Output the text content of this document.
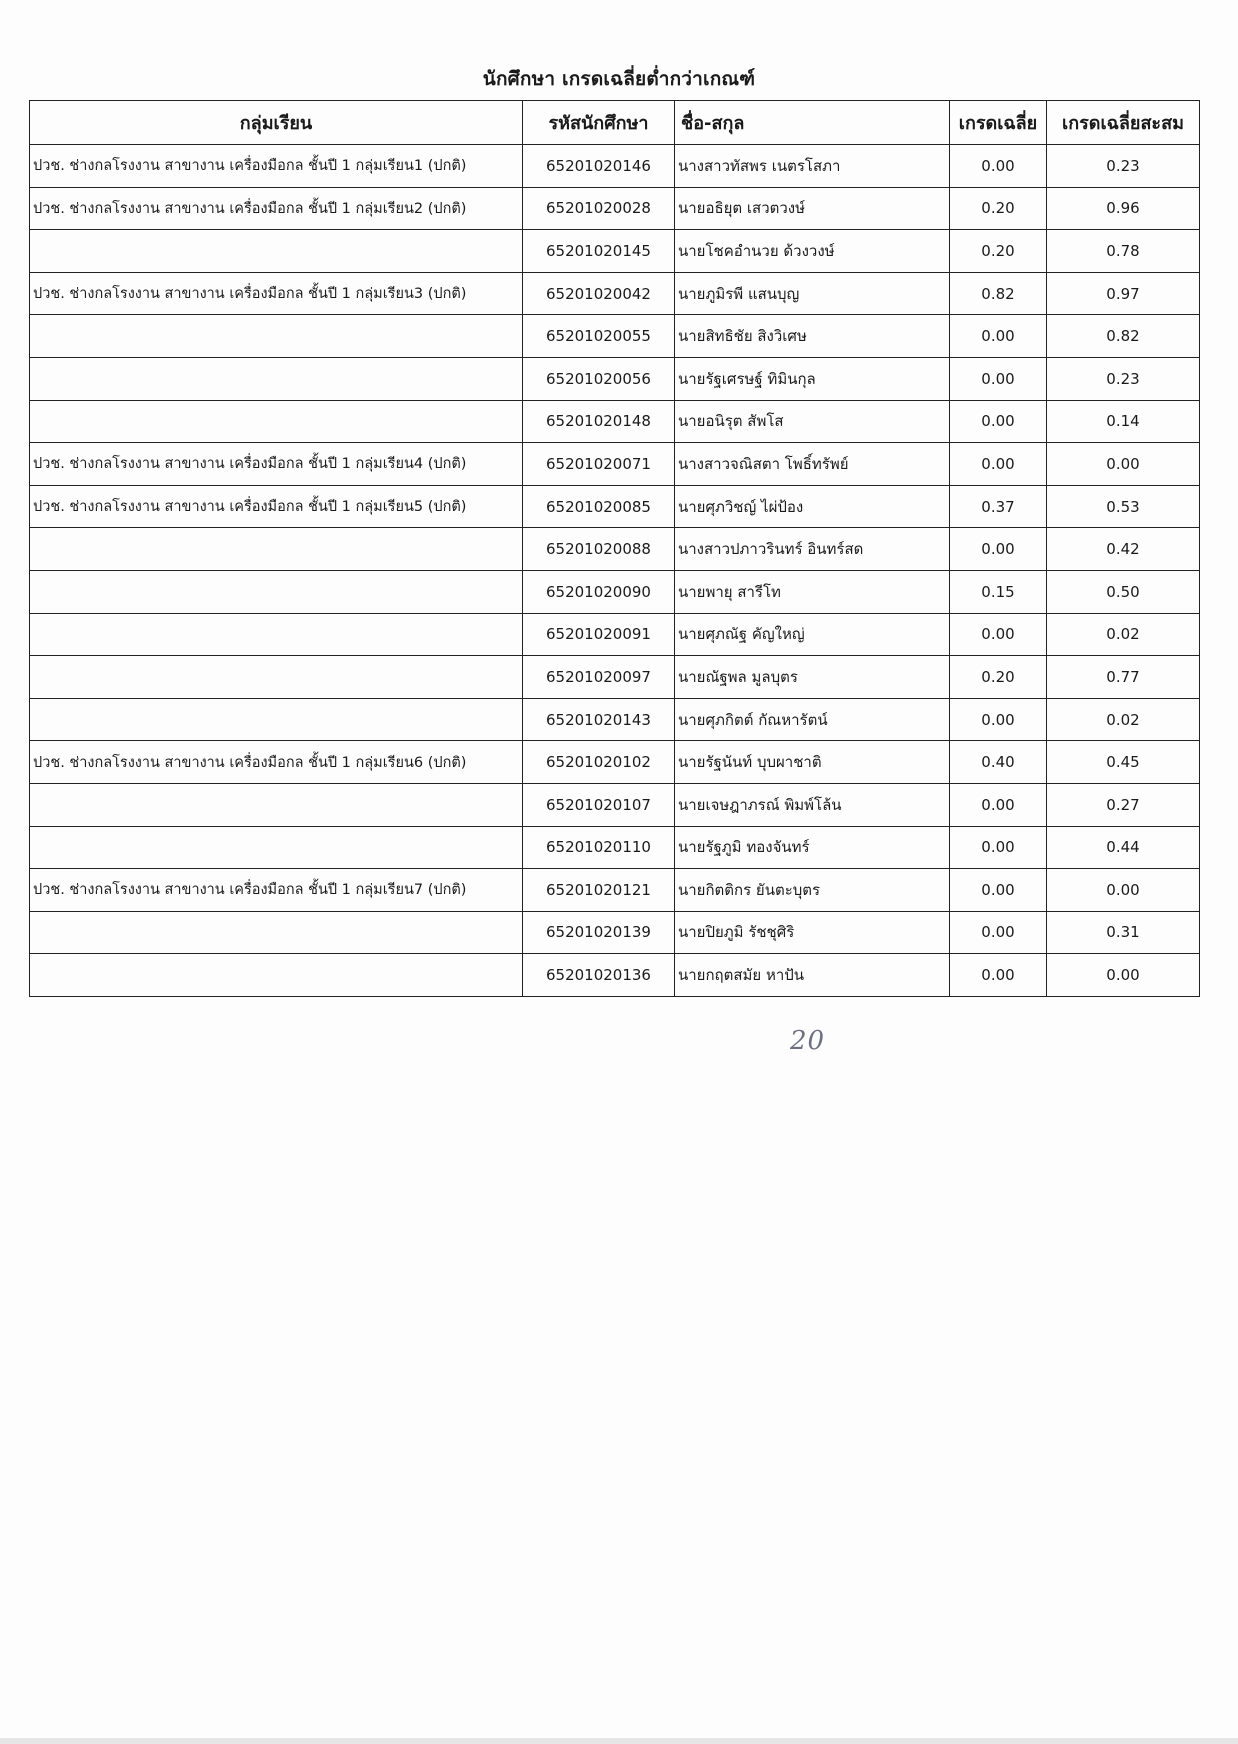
นักศึกษา เกรดเฉลี่ยต่ำกว่าเกณฑ์
กลุ่มเรียน	รหัสนักศึกษา	ชื่อ-สกุล	เกรดเฉลี่ย	เกรดเฉลี่ยสะสม
ปวช. ช่างกลโรงงาน สาขางาน เครื่องมือกล ชั้นปี 1 กลุ่มเรียน1 (ปกติ)	65201020146	นางสาวทัสพร เนตรโสภา	0.00	0.23
ปวช. ช่างกลโรงงาน สาขางาน เครื่องมือกล ชั้นปี 1 กลุ่มเรียน2 (ปกติ)	65201020028	นายอธิยุต เสวตวงษ์	0.20	0.96
	65201020145	นายโชคอำนวย ด้วงวงษ์	0.20	0.78
ปวช. ช่างกลโรงงาน สาขางาน เครื่องมือกล ชั้นปี 1 กลุ่มเรียน3 (ปกติ)	65201020042	นายภูมิรพี แสนบุญ	0.82	0.97
	65201020055	นายสิทธิชัย สิงวิเศษ	0.00	0.82
	65201020056	นายรัฐเศรษฐ์ ทิมินกุล	0.00	0.23
	65201020148	นายอนิรุต สัพโส	0.00	0.14
ปวช. ช่างกลโรงงาน สาขางาน เครื่องมือกล ชั้นปี 1 กลุ่มเรียน4 (ปกติ)	65201020071	นางสาวจณิสตา โพธิ์ทรัพย์	0.00	0.00
ปวช. ช่างกลโรงงาน สาขางาน เครื่องมือกล ชั้นปี 1 กลุ่มเรียน5 (ปกติ)	65201020085	นายศุภวิชญ์ ไผ่ป้อง	0.37	0.53
	65201020088	นางสาวปภาวรินทร์ อินทร์สด	0.00	0.42
	65201020090	นายพายุ สารีโท	0.15	0.50
	65201020091	นายศุภณัฐ คัญใหญ่	0.00	0.02
	65201020097	นายณัฐพล มูลบุตร	0.20	0.77
	65201020143	นายศุภกิตต์ กัณหารัตน์	0.00	0.02
ปวช. ช่างกลโรงงาน สาขางาน เครื่องมือกล ชั้นปี 1 กลุ่มเรียน6 (ปกติ)	65201020102	นายรัฐนันท์ บุบผาชาติ	0.40	0.45
	65201020107	นายเจษฎาภรณ์ พิมพ์โล้น	0.00	0.27
	65201020110	นายรัฐภูมิ ทองจันทร์	0.00	0.44
ปวช. ช่างกลโรงงาน สาขางาน เครื่องมือกล ชั้นปี 1 กลุ่มเรียน7 (ปกติ)	65201020121	นายกิตติกร ยันตะบุตร	0.00	0.00
	65201020139	นายปิยภูมิ รัชชุศิริ	0.00	0.31
	65201020136	นายกฤตสมัย หาปัน	0.00	0.00
20
